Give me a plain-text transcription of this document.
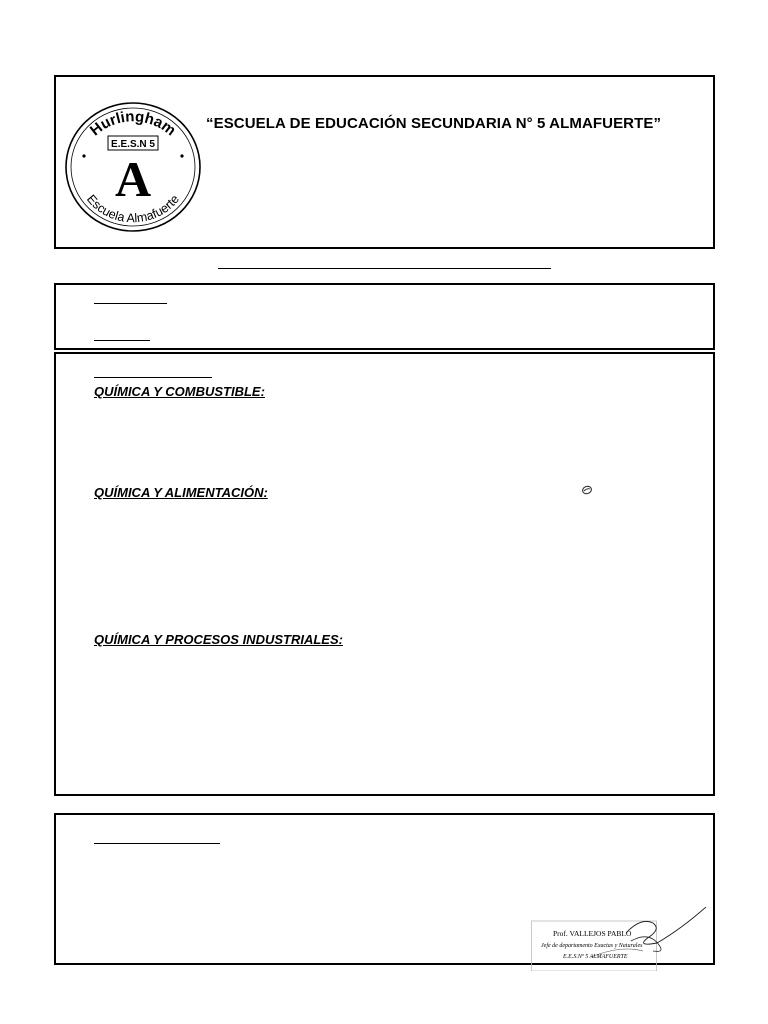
Hurlingham
E.E.S.N 5
A
Escuela Almafuerte
“ESCUELA DE EDUCACIÓN SECUNDARIA N° 5 ALMAFUERTE”
QUÍMICA Y COMBUSTIBLE:
QUÍMICA Y ALIMENTACIÓN:
QUÍMICA Y PROCESOS INDUSTRIALES:
Prof. VALLEJOS PABLO
Jefe de departamento Exactas y Naturales
E.E.S.Nº 5 ALMAFUERTE
